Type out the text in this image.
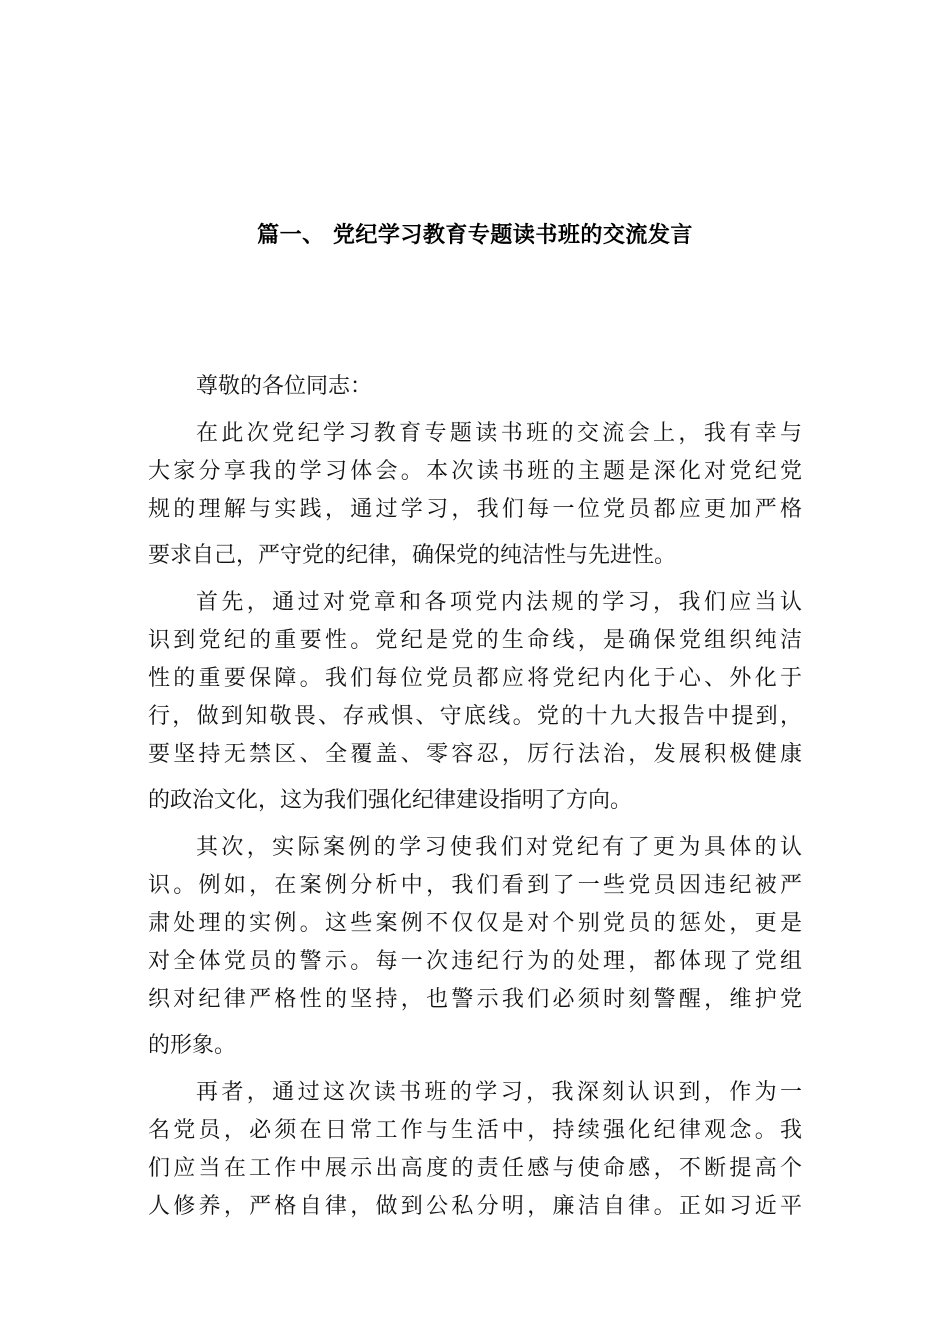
篇一、 党纪学习教育专题读书班的交流发言
尊敬的各位同志：
在此次党纪学习教育专题读书班的交流会上，我有幸与
大家分享我的学习体会。本次读书班的主题是深化对党纪党
规的理解与实践，通过学习，我们每一位党员都应更加严格
要求自己，严守党的纪律，确保党的纯洁性与先进性。
首先，通过对党章和各项党内法规的学习，我们应当认
识到党纪的重要性。党纪是党的生命线，是确保党组织纯洁
性的重要保障。我们每位党员都应将党纪内化于心、外化于
行，做到知敬畏、存戒惧、守底线。党的十九大报告中提到，
要坚持无禁区、全覆盖、零容忍，厉行法治，发展积极健康
的政治文化，这为我们强化纪律建设指明了方向。
其次，实际案例的学习使我们对党纪有了更为具体的认
识。例如，在案例分析中，我们看到了一些党员因违纪被严
肃处理的实例。这些案例不仅仅是对个别党员的惩处，更是
对全体党员的警示。每一次违纪行为的处理，都体现了党组
织对纪律严格性的坚持，也警示我们必须时刻警醒，维护党
的形象。
再者，通过这次读书班的学习，我深刻认识到，作为一
名党员，必须在日常工作与生活中，持续强化纪律观念。我
们应当在工作中展示出高度的责任感与使命感，不断提高个
人修养，严格自律，做到公私分明，廉洁自律。正如习近平
